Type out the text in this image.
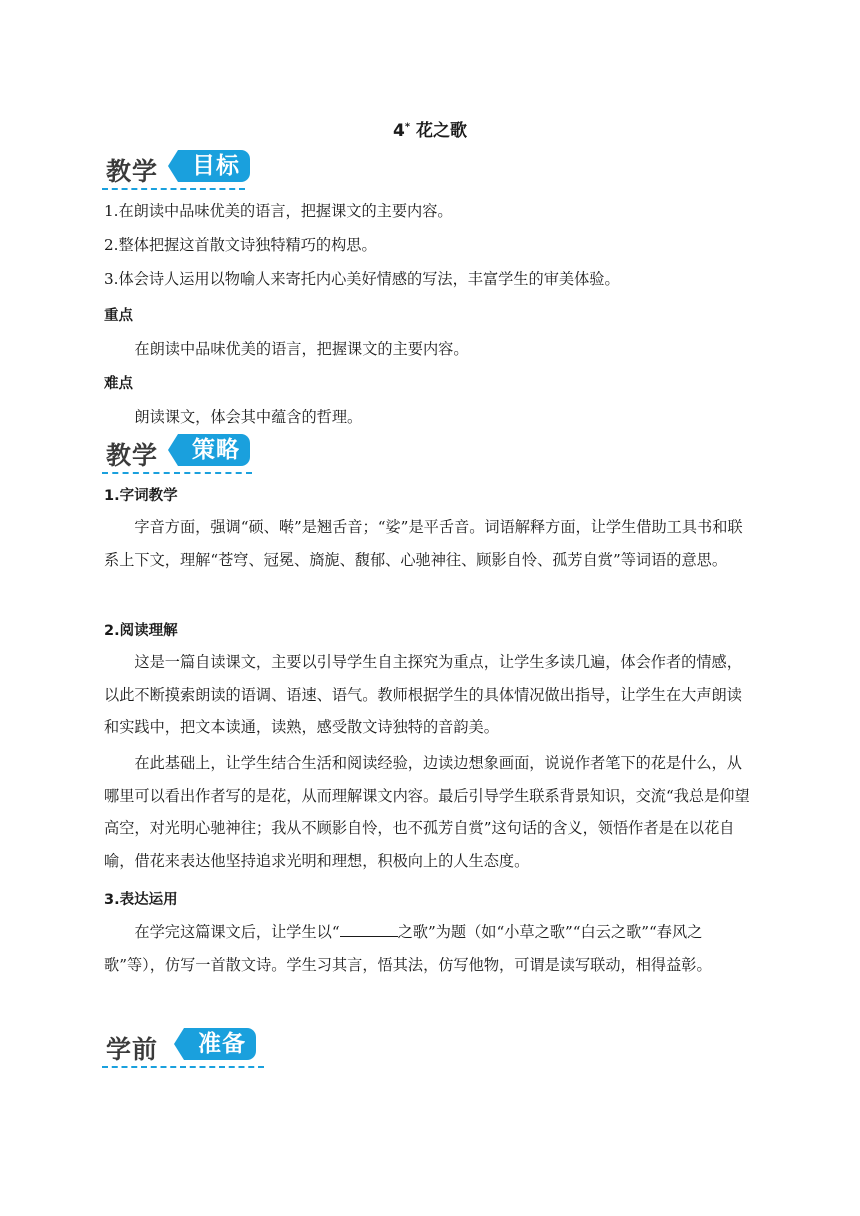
4* 花之歌
教学	目标
1.在朗读中品味优美的语言，把握课文的主要内容。
2.整体把握这首散文诗独特精巧的构思。
3.体会诗人运用以物喻人来寄托内心美好情感的写法，丰富学生的审美体验。
重点
在朗读中品味优美的语言，把握课文的主要内容。
难点
朗读课文，体会其中蕴含的哲理。
教学	策略
1.字词教学
字音方面，强调“硕、啭”是翘舌音；“娑”是平舌音。词语解释方面，让学生借助工具书和联系上下文，理解“苍穹、冠冕、旖旎、馥郁、心驰神往、顾影自怜、孤芳自赏”等词语的意思。
2.阅读理解
这是一篇自读课文，主要以引导学生自主探究为重点，让学生多读几遍，体会作者的情感，以此不断摸索朗读的语调、语速、语气。教师根据学生的具体情况做出指导，让学生在大声朗读和实践中，把文本读通，读熟，感受散文诗独特的音韵美。
在此基础上，让学生结合生活和阅读经验，边读边想象画面，说说作者笔下的花是什么，从哪里可以看出作者写的是花，从而理解课文内容。最后引导学生联系背景知识，交流“我总是仰望高空，对光明心驰神往；我从不顾影自怜，也不孤芳自赏”这句话的含义，领悟作者是在以花自喻，借花来表达他坚持追求光明和理想，积极向上的人生态度。
3.表达运用
在学完这篇课文后，让学生以“	之歌”为题（如“小草之歌”“白云之歌”“春风之歌”等），仿写一首散文诗。学生习其言，悟其法，仿写他物，可谓是读写联动，相得益彰。
学前	准备
